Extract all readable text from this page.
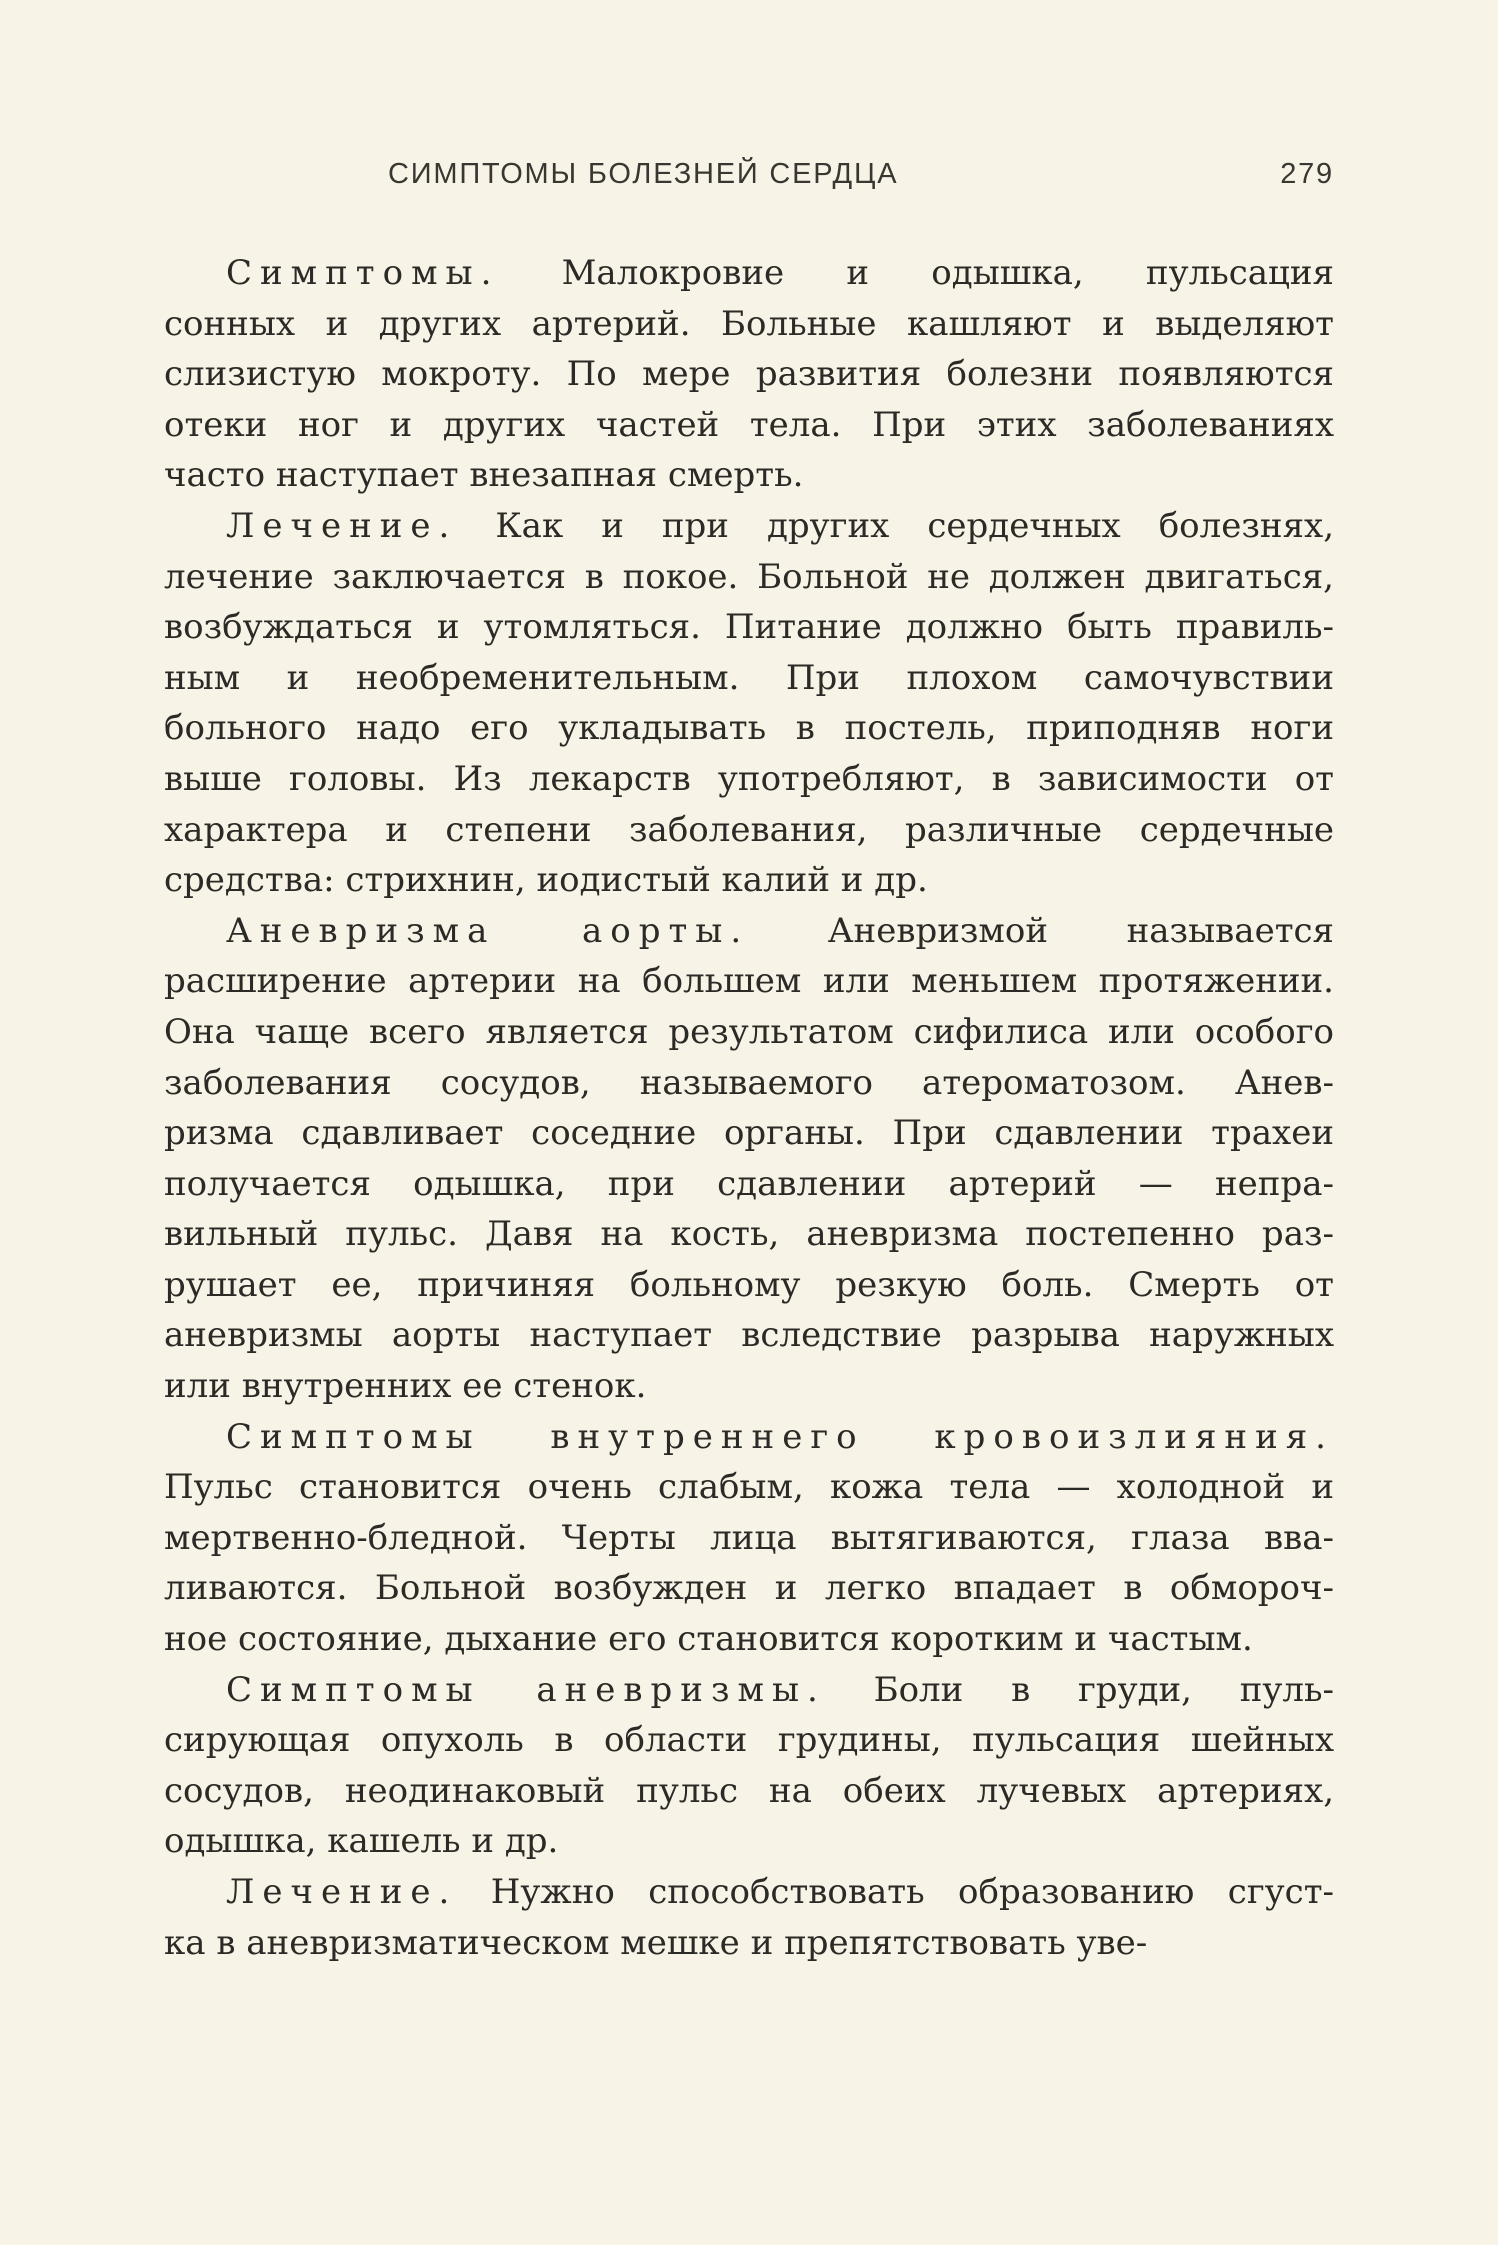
СИМПТОМЫ БОЛЕЗНЕЙ СЕРДЦА	279
Симптомы. Малокровие и одышка, пульсация
сонных и других артерий. Больные кашляют и выделяют
слизистую мокроту. По мере развития болезни появляются
отеки ног и других частей тела. При этих заболеваниях
часто наступает внезапная смерть.
Лечение. Как и при других сердечных болезнях,
лечение заключается в покое. Больной не должен двигаться,
возбуждаться и утомляться. Питание должно быть правиль-
ным и необременительным. При плохом самочувствии
больного надо его укладывать в постель, приподняв ноги
выше головы. Из лекарств употребляют, в зависимости от
характера и степени заболевания, различные сердечные
средства: стрихнин, иодистый калий и др.
Аневризма аорты. Аневризмой называется
расширение артерии на большем или меньшем протяжении.
Она чаще всего является результатом сифилиса или особого
заболевания сосудов, называемого атероматозом. Анев-
ризма сдавливает соседние органы. При сдавлении трахеи
получается одышка, при сдавлении артерий — непра-
вильный пульс. Давя на кость, аневризма постепенно раз-
рушает ее, причиняя больному резкую боль. Смерть от
аневризмы аорты наступает вследствие разрыва наружных
или внутренних ее стенок.
Симптомы внутреннего кровоизлияния.
Пульс становится очень слабым, кожа тела — холодной и
мертвенно-бледной. Черты лица вытягиваются, глаза вва-
ливаются. Больной возбужден и легко впадает в обмороч-
ное состояние, дыхание его становится коротким и частым.
Симптомы аневризмы. Боли в груди, пуль-
сирующая опухоль в области грудины, пульсация шейных
сосудов, неодинаковый пульс на обеих лучевых артериях,
одышка, кашель и др.
Лечение. Нужно способствовать образованию сгуст-
ка в аневризматическом мешке и препятствовать уве-
